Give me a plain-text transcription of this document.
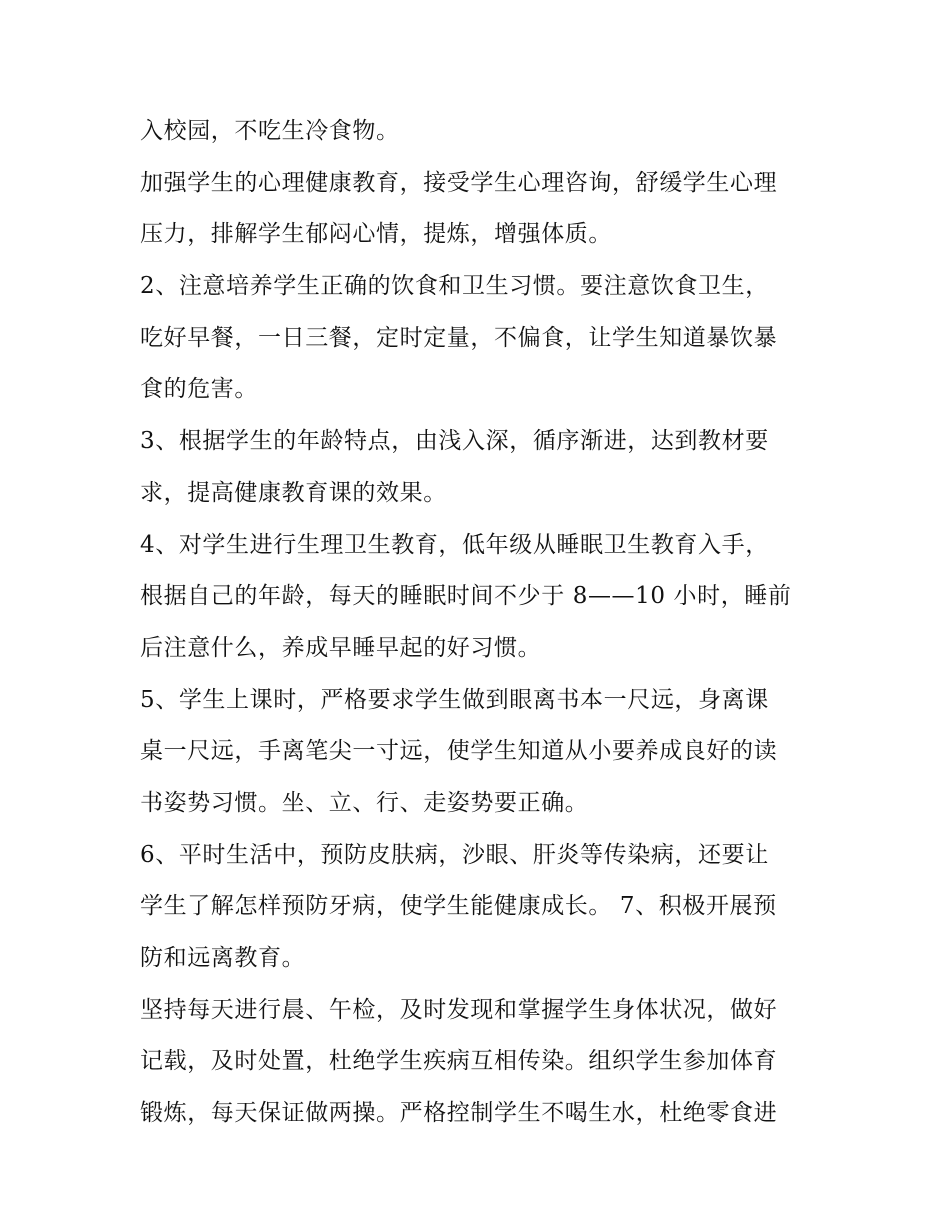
入校园，不吃生冷食物。
加强学生的心理健康教育，接受学生心理咨询，舒缓学生心理
压力，排解学生郁闷心情，提炼，增强体质。
2、注意培养学生正确的饮食和卫生习惯。要注意饮食卫生，
吃好早餐，一日三餐，定时定量，不偏食，让学生知道暴饮暴
食的危害。
3、根据学生的年龄特点，由浅入深，循序渐进，达到教材要
求，提高健康教育课的效果。
4、对学生进行生理卫生教育，低年级从睡眠卫生教育入手，
根据自己的年龄，每天的睡眠时间不少于 8——10 小时，睡前
后注意什么，养成早睡早起的好习惯。
5、学生上课时，严格要求学生做到眼离书本一尺远，身离课
桌一尺远，手离笔尖一寸远，使学生知道从小要养成良好的读
书姿势习惯。坐、立、行、走姿势要正确。
6、平时生活中，预防皮肤病，沙眼、肝炎等传染病，还要让
学生了解怎样预防牙病，使学生能健康成长。 7、积极开展预
防和远离教育。
坚持每天进行晨、午检，及时发现和掌握学生身体状况，做好
记载，及时处置，杜绝学生疾病互相传染。组织学生参加体育
锻炼，每天保证做两操。严格控制学生不喝生水，杜绝零食进
